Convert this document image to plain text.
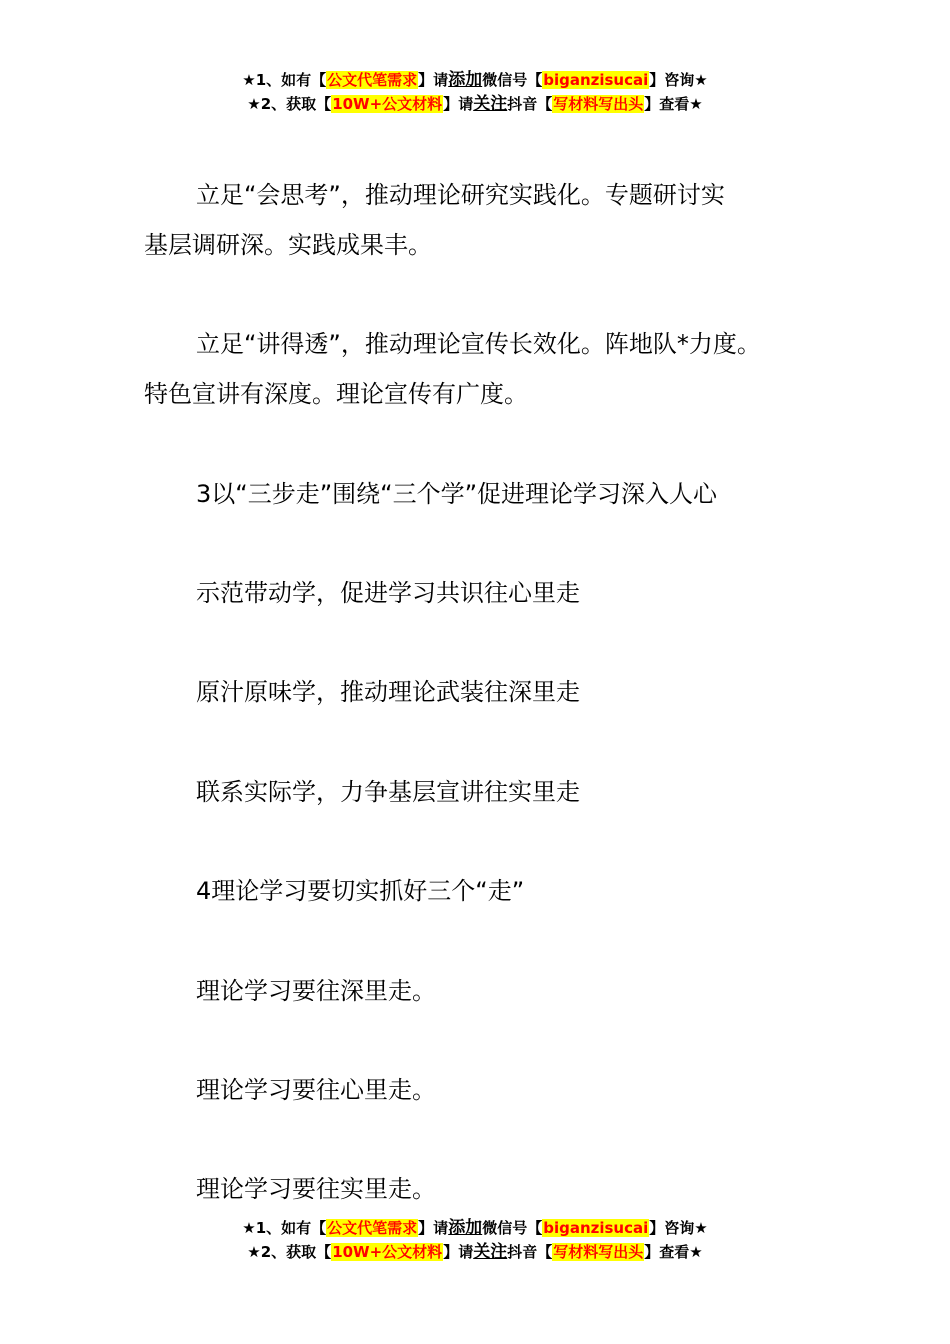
★1、如有【公文代笔需求】请添加微信号【biganzisucai】咨询★
★2、获取【10W+公文材料】请关注抖音【写材料写出头】查看★
立足“会思考”，推动理论研究实践化。专题研讨实
基层调研深。实践成果丰。
立足“讲得透”，推动理论宣传长效化。阵地队*力度。
特色宣讲有深度。理论宣传有广度。
3以“三步走”围绕“三个学”促进理论学习深入人心
示范带动学，促进学习共识往心里走
原汁原味学，推动理论武装往深里走
联系实际学，力争基层宣讲往实里走
4理论学习要切实抓好三个“走”
理论学习要往深里走。
理论学习要往心里走。
理论学习要往实里走。
★1、如有【公文代笔需求】请添加微信号【biganzisucai】咨询★
★2、获取【10W+公文材料】请关注抖音【写材料写出头】查看★
